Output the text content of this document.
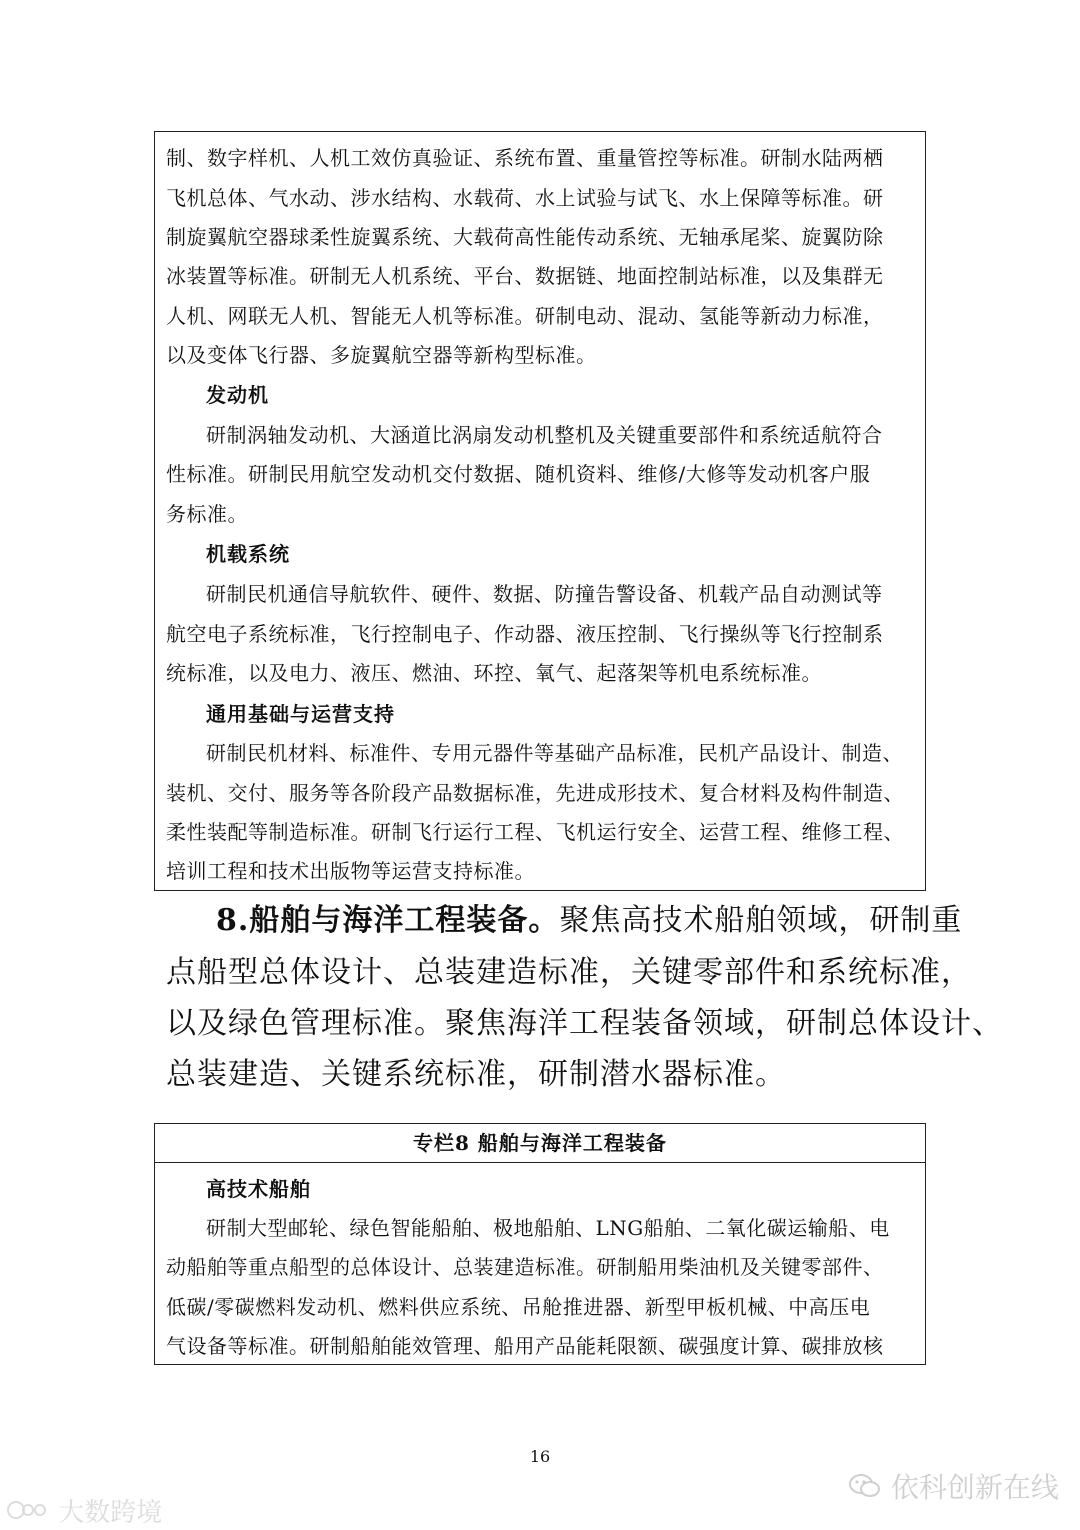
制、数字样机、人机工效仿真验证、系统布置、重量管控等标准。研制水陆两栖
飞机总体、气水动、涉水结构、水载荷、水上试验与试飞、水上保障等标准。研
制旋翼航空器球柔性旋翼系统、大载荷高性能传动系统、无轴承尾桨、旋翼防除
冰装置等标准。研制无人机系统、平台、数据链、地面控制站标准，以及集群无
人机、网联无人机、智能无人机等标准。研制电动、混动、氢能等新动力标准，
以及变体飞行器、多旋翼航空器等新构型标准。
发动机
研制涡轴发动机、大涵道比涡扇发动机整机及关键重要部件和系统适航符合
性标准。研制民用航空发动机交付数据、随机资料、维修/大修等发动机客户服
务标准。
机载系统
研制民机通信导航软件、硬件、数据、防撞告警设备、机载产品自动测试等
航空电子系统标准，飞行控制电子、作动器、液压控制、飞行操纵等飞行控制系
统标准，以及电力、液压、燃油、环控、氧气、起落架等机电系统标准。
通用基础与运营支持
研制民机材料、标准件、专用元器件等基础产品标准，民机产品设计、制造、
装机、交付、服务等各阶段产品数据标准，先进成形技术、复合材料及构件制造、
柔性装配等制造标准。研制飞行运行工程、飞机运行安全、运营工程、维修工程、
培训工程和技术出版物等运营支持标准。
8.船舶与海洋工程装备。聚焦高技术船舶领域，研制重
点船型总体设计、总装建造标准，关键零部件和系统标准，
以及绿色管理标准。聚焦海洋工程装备领域，研制总体设计、
总装建造、关键系统标准，研制潜水器标准。
专栏8 船舶与海洋工程装备
高技术船舶
研制大型邮轮、绿色智能船舶、极地船舶、LNG船舶、二氧化碳运输船、电
动船舶等重点船型的总体设计、总装建造标准。研制船用柴油机及关键零部件、
低碳/零碳燃料发动机、燃料供应系统、吊舱推进器、新型甲板机械、中高压电
气设备等标准。研制船舶能效管理、船用产品能耗限额、碳强度计算、碳排放核
16
依科创新在线
大数跨境
